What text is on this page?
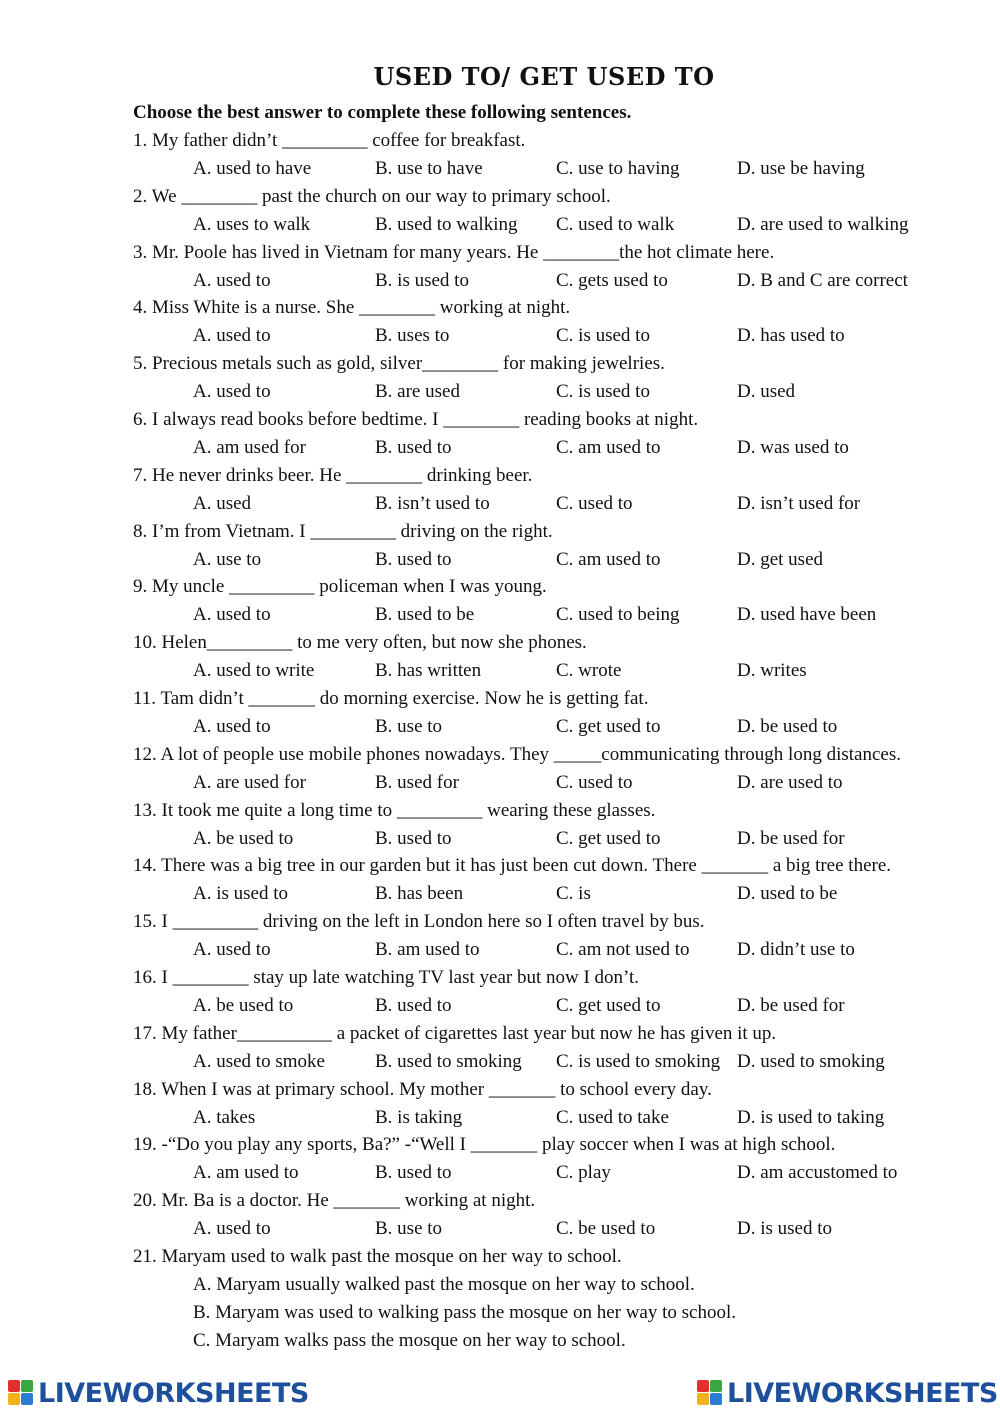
USED TO/ GET USED TO
Choose the best answer to complete these following sentences.
1. My father didn’t _________ coffee for breakfast.
A. used to have	B. use to have	C. use to having	D. use be having
2. We ________ past the church on our way to primary school.
A. uses to walk	B. used to walking C. used to walk	D. are used to walking
3. Mr. Poole has lived in Vietnam for many years. He ________the hot climate here.
A. used to	B. is used to	C. gets used to	D. B and C are correct
4. Miss White is a nurse. She ________ working at night.
A. used to	B. uses to	C. is used to	D. has used to
5. Precious metals such as gold, silver________ for making jewelries.
A. used to	B. are used	C. is used to	D. used
6. I always read books before bedtime. I ________ reading books at night.
A. am used for	B. used to	C. am used to	D. was used to
7. He never drinks beer. He ________ drinking beer.
A. used	B. isn’t used to	C. used to	D. isn’t used for
8. I’m from Vietnam. I _________ driving on the right.
A. use to	B. used to	C. am used to	D. get used
9. My uncle _________ policeman when I was young.
A. used to	B. used to be	C. used to being	D. used have been
10. Helen_________ to me very often, but now she phones.
A. used to write	B. has written	C. wrote	D. writes
11. Tam didn’t _______ do morning exercise. Now he is getting fat.
A. used to	B. use to	C. get used to	D. be used to
12. A lot of people use mobile phones nowadays. They _____communicating through long distances.
A. are used for	B. used for	C. used to	D. are used to
13. It took me quite a long time to _________ wearing these glasses.
A. be used to	B. used to	C. get used to	D. be used for
14. There was a big tree in our garden but it has just been cut down. There _______ a big tree there.
A. is used to	B. has been	C. is	D. used to be
15. I _________ driving on the left in London here so I often travel by bus.
A. used to	B. am used to	C. am not used to D. didn’t use to
16. I ________ stay up late watching TV last year but now I don’t.
A. be used to	B. used to	C. get used to	D. be used for
17. My father__________ a packet of cigarettes last year but now he has given it up.
A. used to smoke	B. used to smoking C. is used to smoking D. used to smoking
18. When I was at primary school. My mother _______ to school every day.
A. takes	B. is taking	C. used to take	D. is used to taking
19. -“Do you play any sports, Ba?” -“Well I _______ play soccer when I was at high school.
A. am used to	B. used to	C. play	D. am accustomed to
20. Mr. Ba is a doctor. He _______ working at night.
A. used to	B. use to	C. be used to	D. is used to
21. Maryam used to walk past the mosque on her way to school.
A. Maryam usually walked past the mosque on her way to school.
B. Maryam was used to walking pass the mosque on her way to school.
C. Maryam walks pass the mosque on her way to school.
LIVEWORKSHEETS	LIVEWORKSHEETS
